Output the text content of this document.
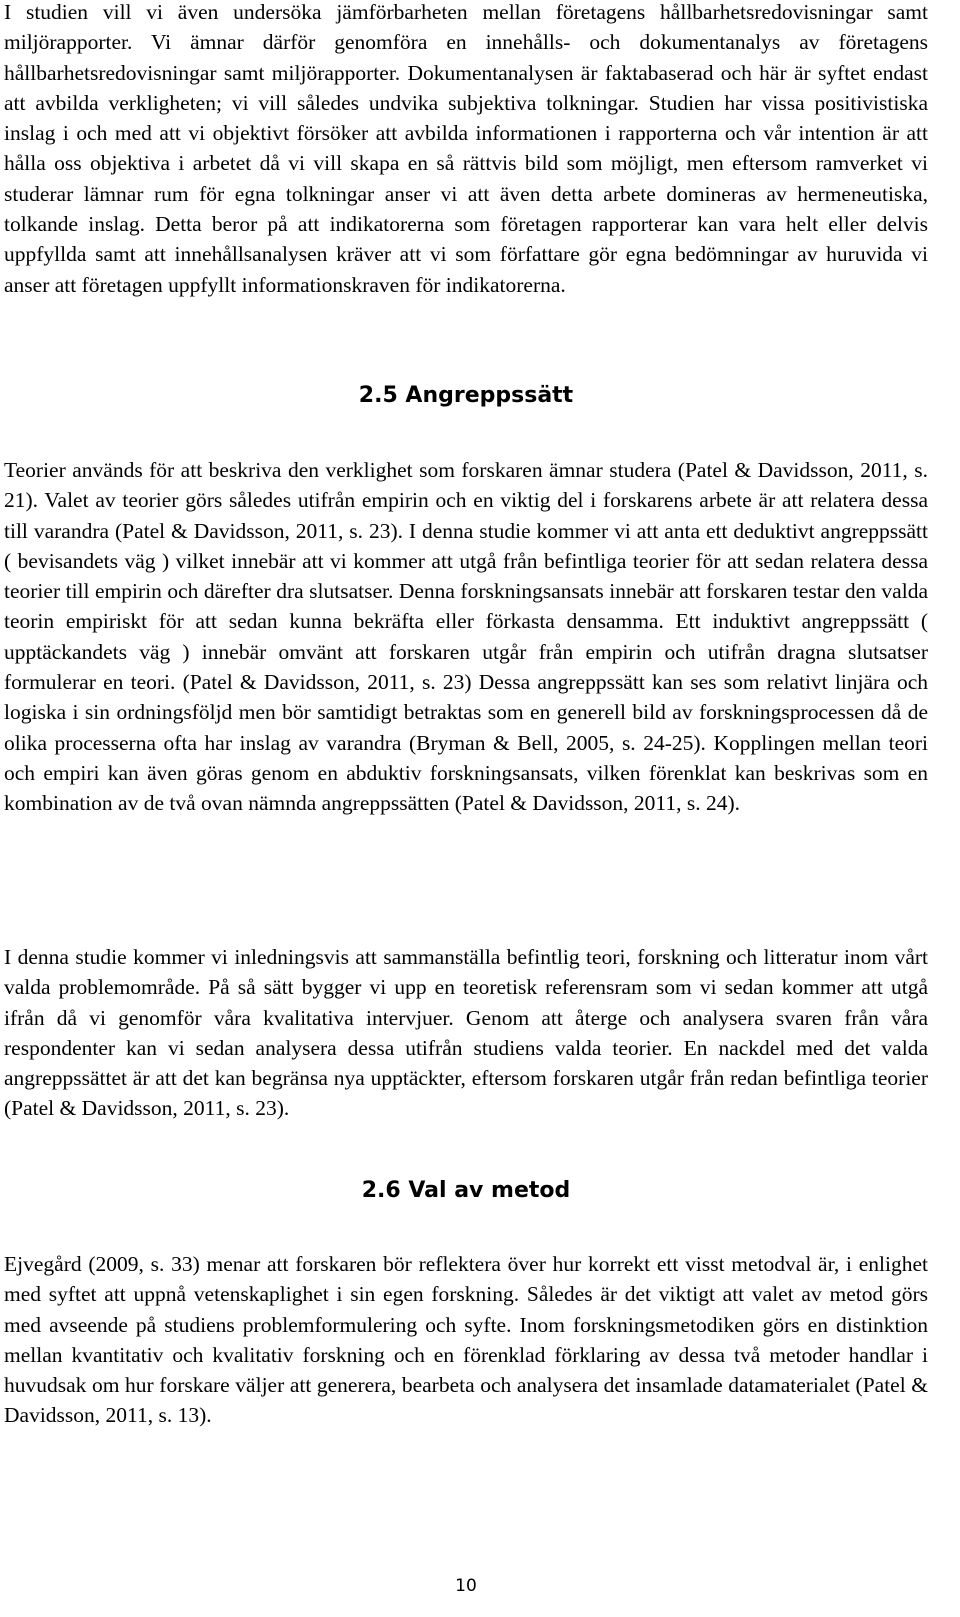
I studien vill vi även undersöka jämförbarheten mellan företagens hållbarhetsredovisningar samt miljörapporter. Vi ämnar därför genomföra en innehålls- och dokumentanalys av företagens hållbarhetsredovisningar samt miljörapporter. Dokumentanalysen är faktabaserad och här är syftet endast att avbilda verkligheten; vi vill således undvika subjektiva tolkningar. Studien har vissa positivistiska inslag i och med att vi objektivt försöker att avbilda informationen i rapporterna och vår intention är att hålla oss objektiva i arbetet då vi vill skapa en så rättvis bild som möjligt, men eftersom ramverket vi studerar lämnar rum för egna tolkningar anser vi att även detta arbete domineras av hermeneutiska, tolkande inslag. Detta beror på att indikatorerna som företagen rapporterar kan vara helt eller delvis uppfyllda samt att innehållsanalysen kräver att vi som författare gör egna bedömningar av huruvida vi anser att företagen uppfyllt informationskraven för indikatorerna.

2.5 Angreppssätt

Teorier används för att beskriva den verklighet som forskaren ämnar studera (Patel & Davidsson, 2011, s. 21). Valet av teorier görs således utifrån empirin och en viktig del i forskarens arbete är att relatera dessa till varandra (Patel & Davidsson, 2011, s. 23). I denna studie kommer vi att anta ett deduktivt angreppssätt ( bevisandets väg ) vilket innebär att vi kommer att utgå från befintliga teorier för att sedan relatera dessa teorier till empirin och därefter dra slutsatser. Denna forskningsansats innebär att forskaren testar den valda teorin empiriskt för att sedan kunna bekräfta eller förkasta densamma. Ett induktivt angreppssätt ( upptäckandets väg ) innebär omvänt att forskaren utgår från empirin och utifrån dragna slutsatser formulerar en teori. (Patel & Davidsson, 2011, s. 23) Dessa angreppssätt kan ses som relativt linjära och logiska i sin ordningsföljd men bör samtidigt betraktas som en generell bild av forskningsprocessen då de olika processerna ofta har inslag av varandra (Bryman & Bell, 2005, s. 24-25). Kopplingen mellan teori och empiri kan även göras genom en abduktiv forskningsansats, vilken förenklat kan beskrivas som en kombination av de två ovan nämnda angreppssätten (Patel & Davidsson, 2011, s. 24).

I denna studie kommer vi inledningsvis att sammanställa befintlig teori, forskning och litteratur inom vårt valda problemområde. På så sätt bygger vi upp en teoretisk referensram som vi sedan kommer att utgå ifrån då vi genomför våra kvalitativa intervjuer. Genom att återge och analysera svaren från våra respondenter kan vi sedan analysera dessa utifrån studiens valda teorier. En nackdel med det valda angreppssättet är att det kan begränsa nya upptäckter, eftersom forskaren utgår från redan befintliga teorier (Patel & Davidsson, 2011, s. 23).

2.6 Val av metod

Ejvegård (2009, s. 33) menar att forskaren bör reflektera över hur korrekt ett visst metodval är, i enlighet med syftet att uppnå vetenskaplighet i sin egen forskning. Således är det viktigt att valet av metod görs med avseende på studiens problemformulering och syfte. Inom forskningsmetodiken görs en distinktion mellan kvantitativ och kvalitativ forskning och en förenklad förklaring av dessa två metoder handlar i huvudsak om hur forskare väljer att generera, bearbeta och analysera det insamlade datamaterialet (Patel & Davidsson, 2011, s. 13).

10
